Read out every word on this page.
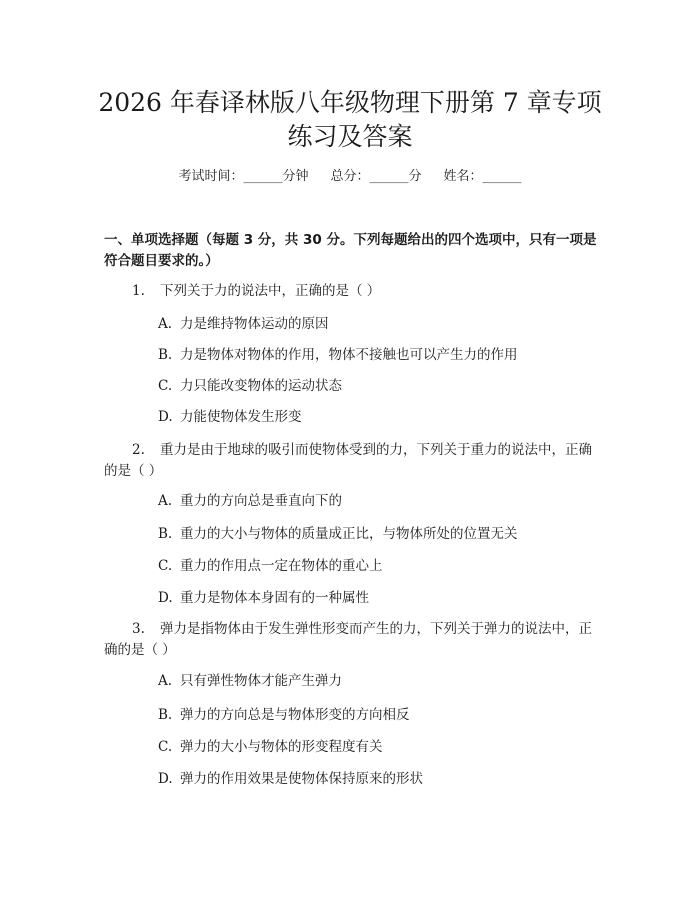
2026 年春译林版八年级物理下册第 7 章专项
练习及答案
考试时间：______分钟 总分：______分 姓名：______
一、单项选择题（每题 3 分，共 30 分。下列每题给出的四个选项中，只有一项是
符合题目要求的。）
1. 下列关于力的说法中，正确的是（ ）
A. 力是维持物体运动的原因
B. 力是物体对物体的作用，物体不接触也可以产生力的作用
C. 力只能改变物体的运动状态
D. 力能使物体发生形变
2. 重力是由于地球的吸引而使物体受到的力，下列关于重力的说法中，正确
的是（ ）
A. 重力的方向总是垂直向下的
B. 重力的大小与物体的质量成正比，与物体所处的位置无关
C. 重力的作用点一定在物体的重心上
D. 重力是物体本身固有的一种属性
3. 弹力是指物体由于发生弹性形变而产生的力，下列关于弹力的说法中，正
确的是（ ）
A. 只有弹性物体才能产生弹力
B. 弹力的方向总是与物体形变的方向相反
C. 弹力的大小与物体的形变程度有关
D. 弹力的作用效果是使物体保持原来的形状
